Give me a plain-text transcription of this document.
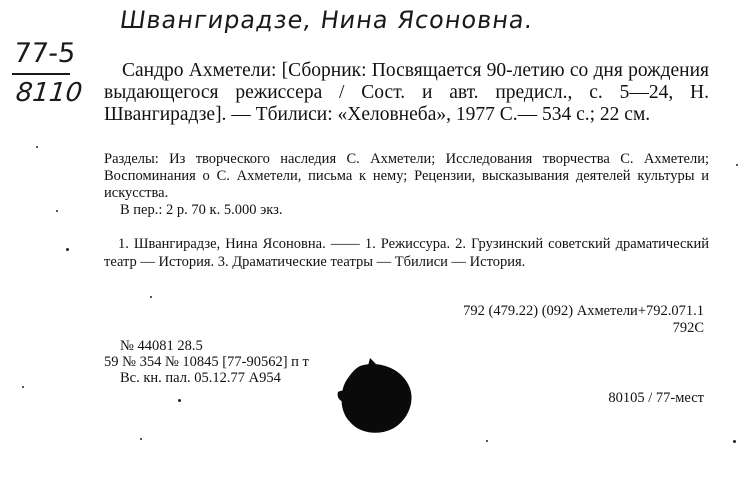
Швангирадзе, Нина Ясоновна.
77-5
8110

Сандро Ахметели: [Сборник: Посвящается 90-летию со дня рождения выдающегося режиссера / Сост. и авт. предисл., с. 5—24, Н. Швангирадзе]. — Тбилиси: «Хеловнеба», 1977 С.— 534 с.; 22 см.

Разделы: Из творческого наследия С. Ахметели; Исследования творчества С. Ахметели; Воспоминания о С. Ахметели, письма к нему; Рецензии, высказывания деятелей культуры и искусства.

В пер.: 2 р. 70 к. 5.000 экз.

1. Швангирадзе, Нина Ясоновна. —— 1. Режиссура. 2. Грузинский советский драматический театр — История. 3. Драматические театры — Тбилиси — История.

792 (479.22) (092) Ахметели+792.071.1
792С
№ 44081 28.5
59 № 354 № 10845 [77-90562] п т
Вс. кн. пал. 05.12.77 А954
80105 / 77-мест
